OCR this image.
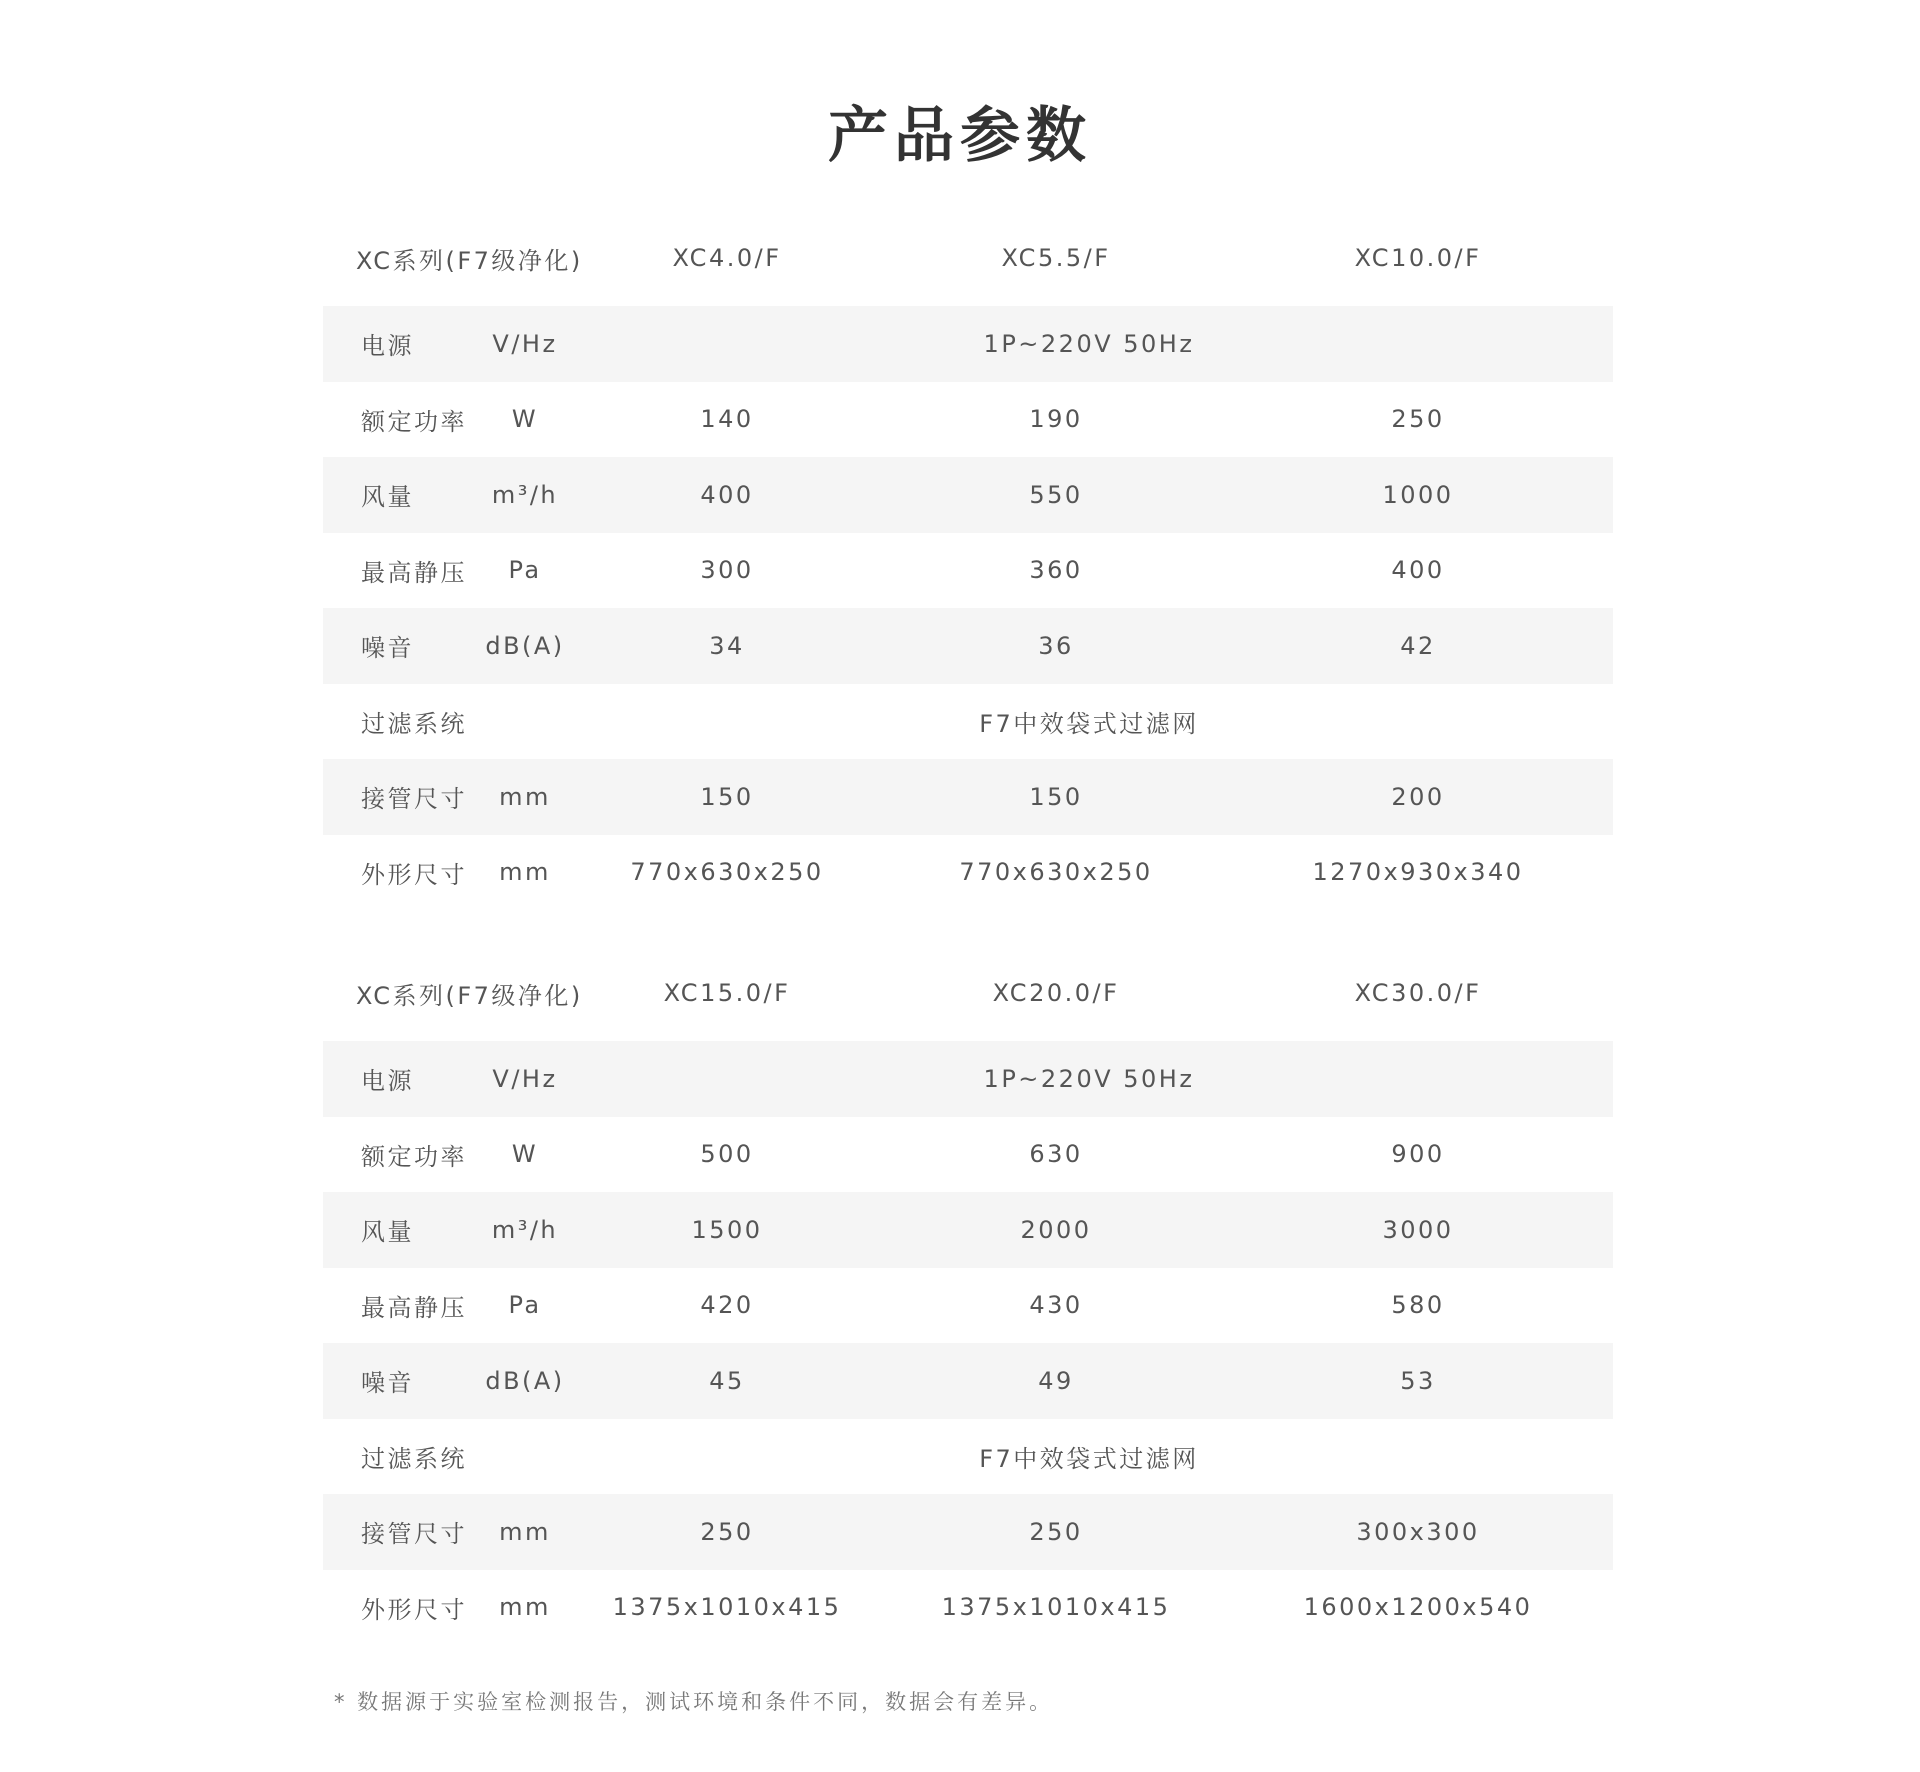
产品参数
XC系列(F7级净化)	XC4.0/F	XC5.5/F	XC10.0/F
电源	V/Hz	1P~220V 50Hz
额定功率	W	140	190	250
风量	m³/h	400	550	1000
最高静压	Pa	300	360	400
噪音	dB(A)	34	36	42
过滤系统	F7中效袋式过滤网
接管尺寸	mm	150	150	200
外形尺寸	mm	770x630x250	770x630x250	1270x930x340
XC系列(F7级净化)	XC15.0/F	XC20.0/F	XC30.0/F
电源	V/Hz	1P~220V 50Hz
额定功率	W	500	630	900
风量	m³/h	1500	2000	3000
最高静压	Pa	420	430	580
噪音	dB(A)	45	49	53
过滤系统	F7中效袋式过滤网
接管尺寸	mm	250	250	300x300
外形尺寸	mm	1375x1010x415	1375x1010x415	1600x1200x540
* 数据源于实验室检测报告，测试环境和条件不同，数据会有差异。
